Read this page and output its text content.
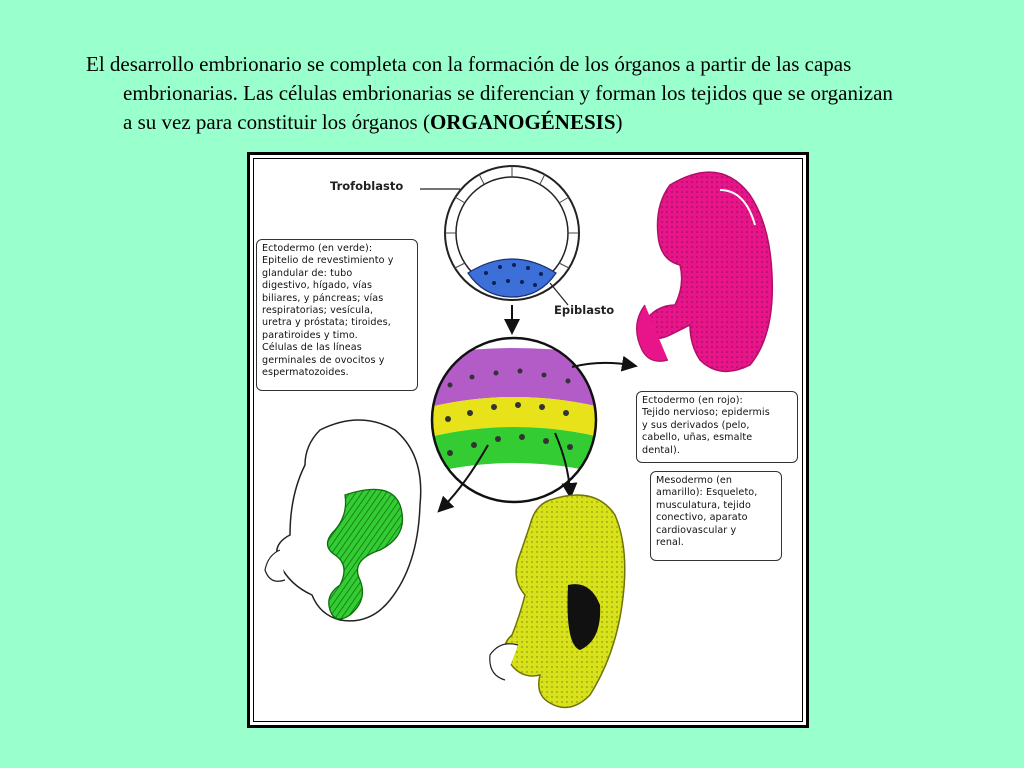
El desarrollo embrionario se completa con la formación de los órganos a partir de las capas
embrionarias. Las células embrionarias se diferencian y forman los tejidos que se organizan
a su vez para constituir los órganos (ORGANOGÉNESIS)
Trofoblasto
Epiblasto
Ectodermo (en verde):
Epitelio de revestimiento y
glandular de: tubo
digestivo, hígado, vías
biliares, y páncreas; vías
respiratorias; vesícula,
uretra y próstata; tiroides,
paratiroides y timo.
Células de las líneas
germinales de ovocitos y
espermatozoides.
Ectodermo (en rojo):
Tejido nervioso; epidermis
y sus derivados (pelo,
cabello, uñas, esmalte
dental).
Mesodermo (en
amarillo): Esqueleto,
musculatura, tejido
conectivo, aparato
cardiovascular y
renal.
